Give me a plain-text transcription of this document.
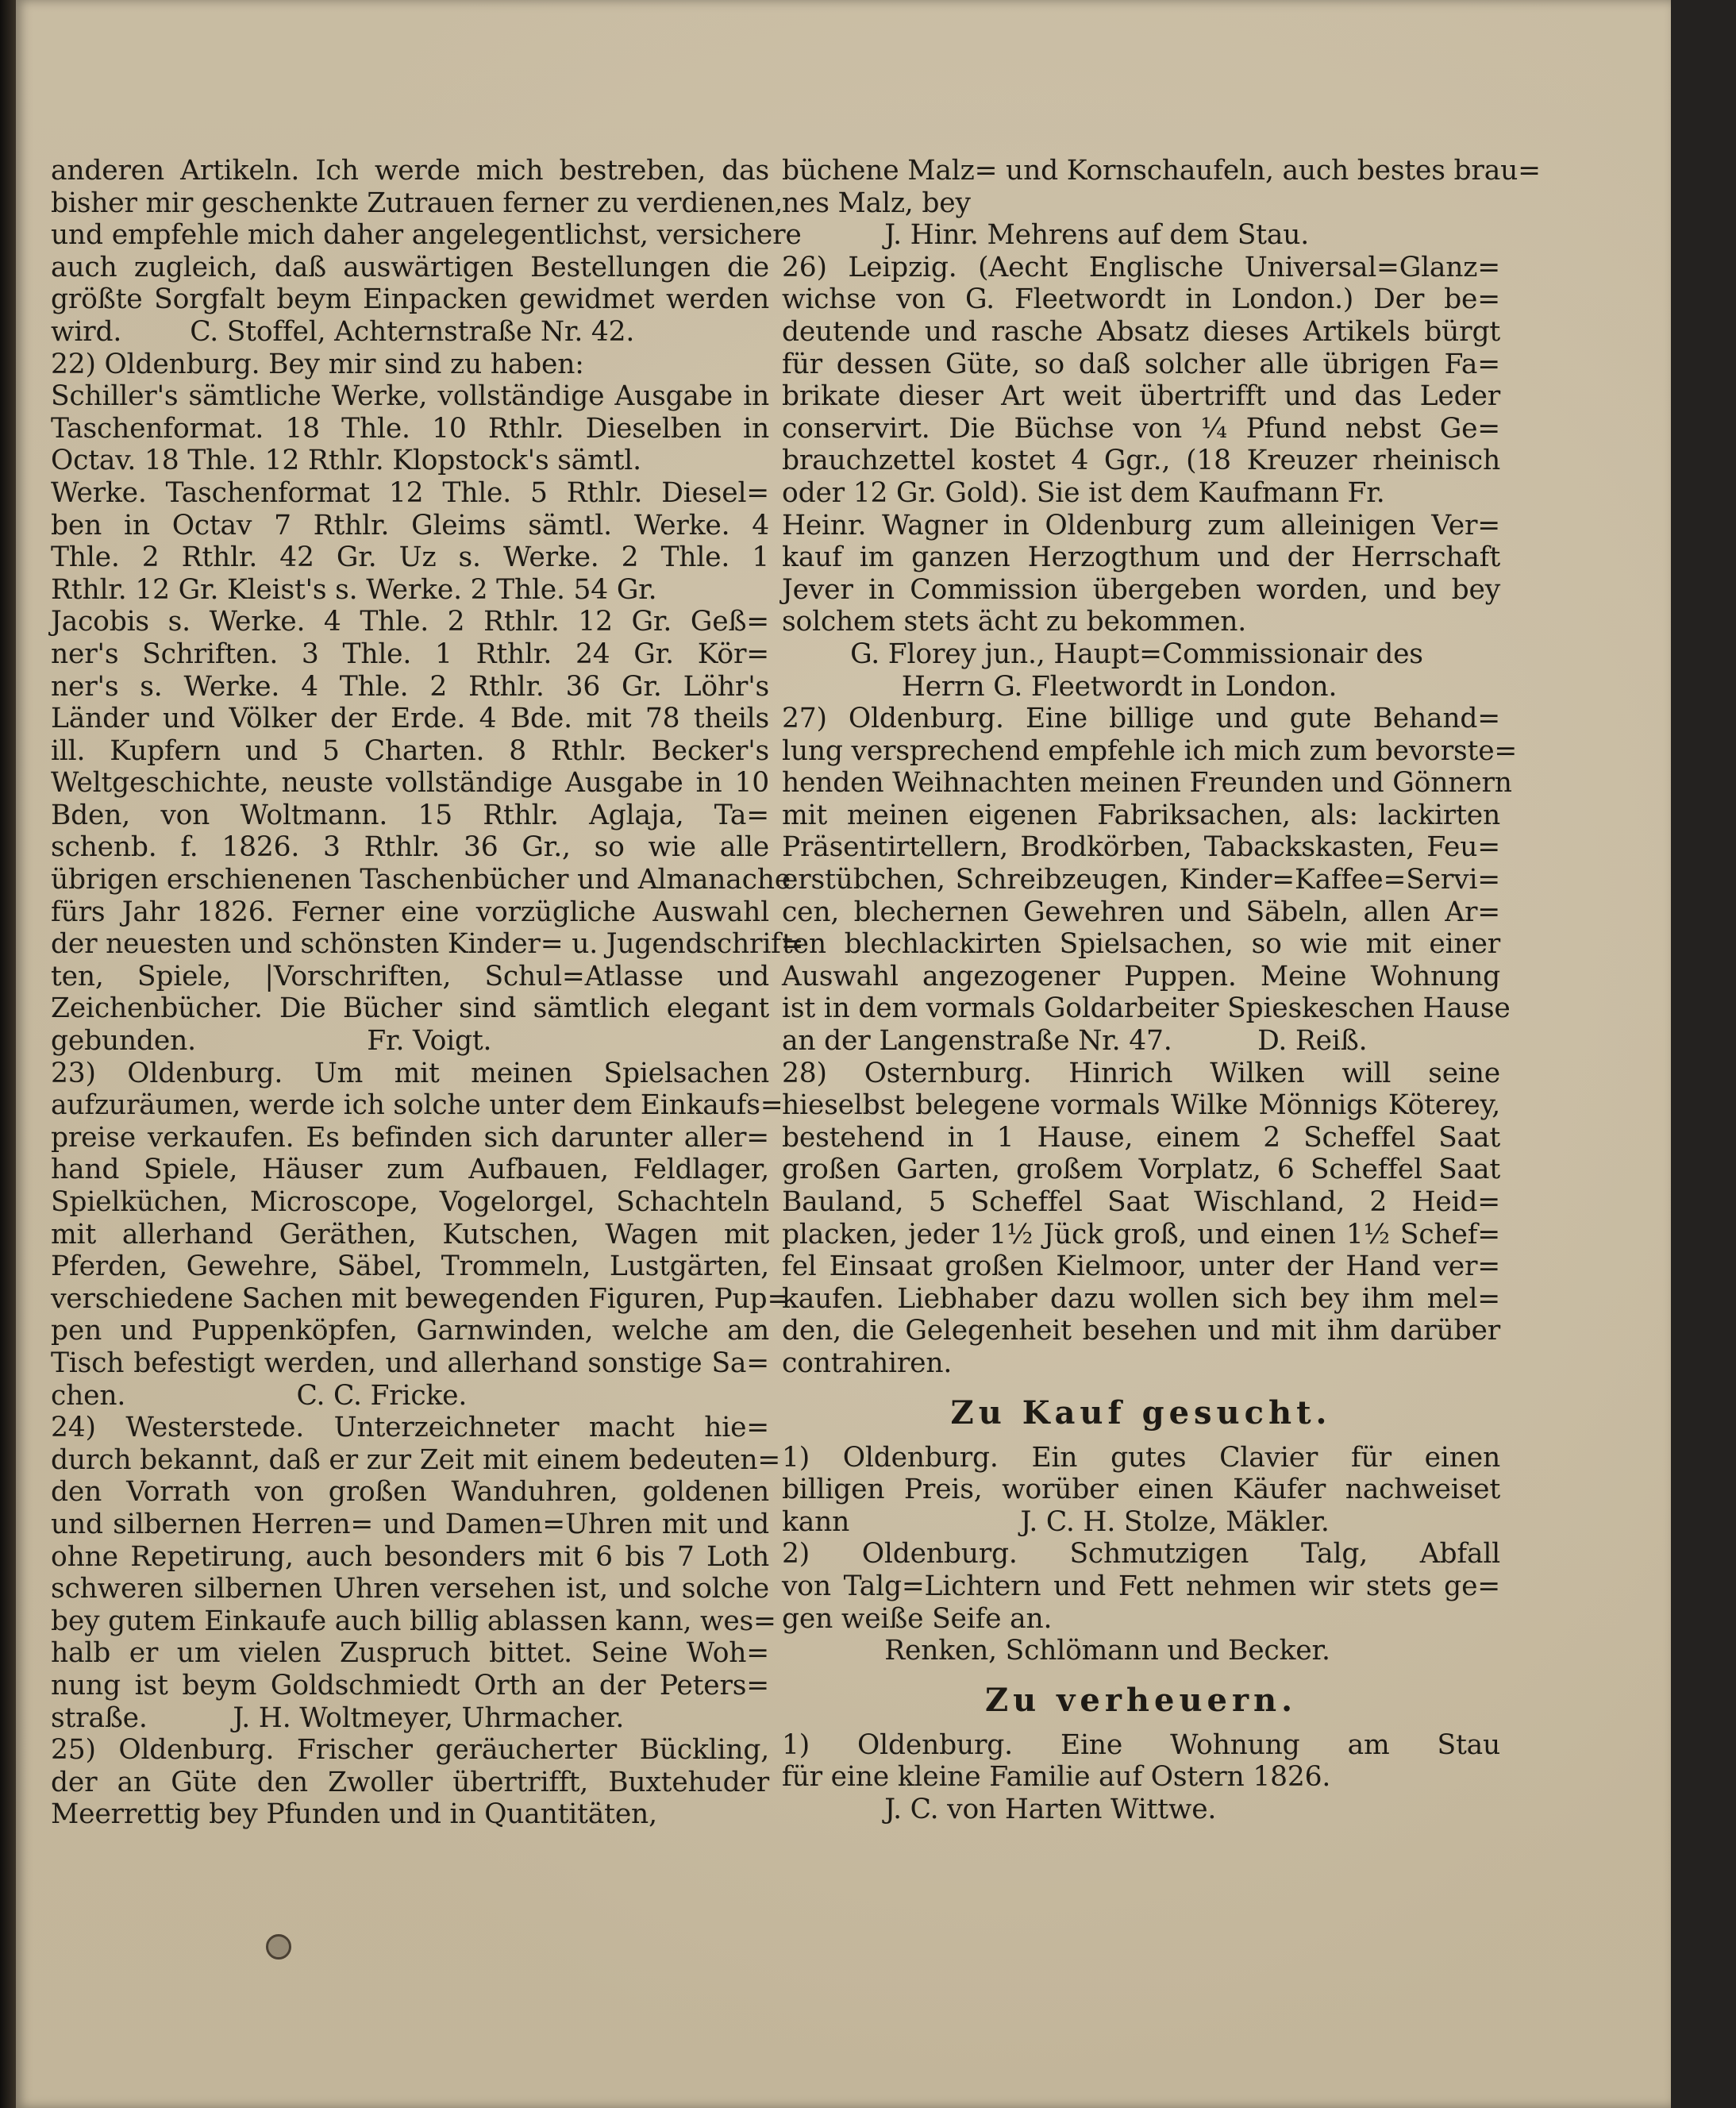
anderen Artikeln. Ich werde mich bestreben, das
bisher mir geschenkte Zutrauen ferner zu verdienen,
und empfehle mich daher angelegentlichst, versichere
auch zugleich, daß auswärtigen Bestellungen die
größte Sorgfalt beym Einpacken gewidmet werden
wird.        C. Stoffel, Achternstraße Nr. 42.
22) Oldenburg. Bey mir sind zu haben:
Schiller's sämtliche Werke, vollständige Ausgabe in
Taschenformat. 18 Thle. 10 Rthlr. Dieselben in
Octav. 18 Thle. 12 Rthlr. Klopstock's sämtl.
Werke. Taschenformat 12 Thle. 5 Rthlr. Diesel=
ben in Octav 7 Rthlr. Gleims sämtl. Werke. 4
Thle. 2 Rthlr. 42 Gr. Uz s. Werke. 2 Thle. 1
Rthlr. 12 Gr. Kleist's s. Werke. 2 Thle. 54 Gr.
Jacobis s. Werke. 4 Thle. 2 Rthlr. 12 Gr. Geß=
ner's Schriften. 3 Thle. 1 Rthlr. 24 Gr. Kör=
ner's s. Werke. 4 Thle. 2 Rthlr. 36 Gr. Löhr's
Länder und Völker der Erde. 4 Bde. mit 78 theils
ill. Kupfern und 5 Charten. 8 Rthlr. Becker's
Weltgeschichte, neuste vollständige Ausgabe in 10
Bden, von Woltmann. 15 Rthlr. Aglaja, Ta=
schenb. f. 1826. 3 Rthlr. 36 Gr., so wie alle
übrigen erschienenen Taschenbücher und Almanache
fürs Jahr 1826. Ferner eine vorzügliche Auswahl
der neuesten und schönsten Kinder= u. Jugendschrif=
ten, Spiele, |Vorschriften, Schul=Atlasse und
Zeichenbücher. Die Bücher sind sämtlich elegant
gebunden.                    Fr. Voigt.
23) Oldenburg. Um mit meinen Spielsachen
aufzuräumen, werde ich solche unter dem Einkaufs=
preise verkaufen. Es befinden sich darunter aller=
hand Spiele, Häuser zum Aufbauen, Feldlager,
Spielküchen, Microscope, Vogelorgel, Schachteln
mit allerhand Geräthen, Kutschen, Wagen mit
Pferden, Gewehre, Säbel, Trommeln, Lustgärten,
verschiedene Sachen mit bewegenden Figuren, Pup=
pen und Puppenköpfen, Garnwinden, welche am
Tisch befestigt werden, und allerhand sonstige Sa=
chen.                    C. C. Fricke.
24) Westerstede. Unterzeichneter macht hie=
durch bekannt, daß er zur Zeit mit einem bedeuten=
den Vorrath von großen Wanduhren, goldenen
und silbernen Herren= und Damen=Uhren mit und
ohne Repetirung, auch besonders mit 6 bis 7 Loth
schweren silbernen Uhren versehen ist, und solche
bey gutem Einkaufe auch billig ablassen kann, wes=
halb er um vielen Zuspruch bittet. Seine Woh=
nung ist beym Goldschmiedt Orth an der Peters=
straße.          J. H. Woltmeyer, Uhrmacher.
25) Oldenburg. Frischer geräucherter Bückling,
der an Güte den Zwoller übertrifft, Buxtehuder
Meerrettig bey Pfunden und in Quantitäten,
büchene Malz= und Kornschaufeln, auch bestes brau=
nes Malz, bey
J. Hinr. Mehrens auf dem Stau.
26) Leipzig. (Aecht Englische Universal=Glanz=
wichse von G. Fleetwordt in London.) Der be=
deutende und rasche Absatz dieses Artikels bürgt
für dessen Güte, so daß solcher alle übrigen Fa=
brikate dieser Art weit übertrifft und das Leder
conservirt. Die Büchse von ¼ Pfund nebst Ge=
brauchzettel kostet 4 Ggr., (18 Kreuzer rheinisch
oder 12 Gr. Gold). Sie ist dem Kaufmann Fr.
Heinr. Wagner in Oldenburg zum alleinigen Ver=
kauf im ganzen Herzogthum und der Herrschaft
Jever in Commission übergeben worden, und bey
solchem stets ächt zu bekommen.
G. Florey jun., Haupt=Commissionair des
Herrn G. Fleetwordt in London.
27) Oldenburg. Eine billige und gute Behand=
lung versprechend empfehle ich mich zum bevorste=
henden Weihnachten meinen Freunden und Gönnern
mit meinen eigenen Fabriksachen, als: lackirten
Präsentirtellern, Brodkörben, Tabackskasten, Feu=
erstübchen, Schreibzeugen, Kinder=Kaffee=Servi=
cen, blechernen Gewehren und Säbeln, allen Ar=
ten blechlackirten Spielsachen, so wie mit einer
Auswahl angezogener Puppen. Meine Wohnung
ist in dem vormals Goldarbeiter Spieskeschen Hause
an der Langenstraße Nr. 47.          D. Reiß.
28) Osternburg. Hinrich Wilken will seine
hieselbst belegene vormals Wilke Mönnigs Köterey,
bestehend in 1 Hause, einem 2 Scheffel Saat
großen Garten, großem Vorplatz, 6 Scheffel Saat
Bauland, 5 Scheffel Saat Wischland, 2 Heid=
placken, jeder 1½ Jück groß, und einen 1½ Schef=
fel Einsaat großen Kielmoor, unter der Hand ver=
kaufen. Liebhaber dazu wollen sich bey ihm mel=
den, die Gelegenheit besehen und mit ihm darüber
contrahiren.
Zu Kauf gesucht.
1) Oldenburg. Ein gutes Clavier für einen
billigen Preis, worüber einen Käufer nachweiset
kann                    J. C. H. Stolze, Mäkler.
2) Oldenburg. Schmutzigen Talg, Abfall
von Talg=Lichtern und Fett nehmen wir stets ge=
gen weiße Seife an.
Renken, Schlömann und Becker.
Zu verheuern.
1) Oldenburg. Eine Wohnung am Stau
für eine kleine Familie auf Ostern 1826.
J. C. von Harten Wittwe.
